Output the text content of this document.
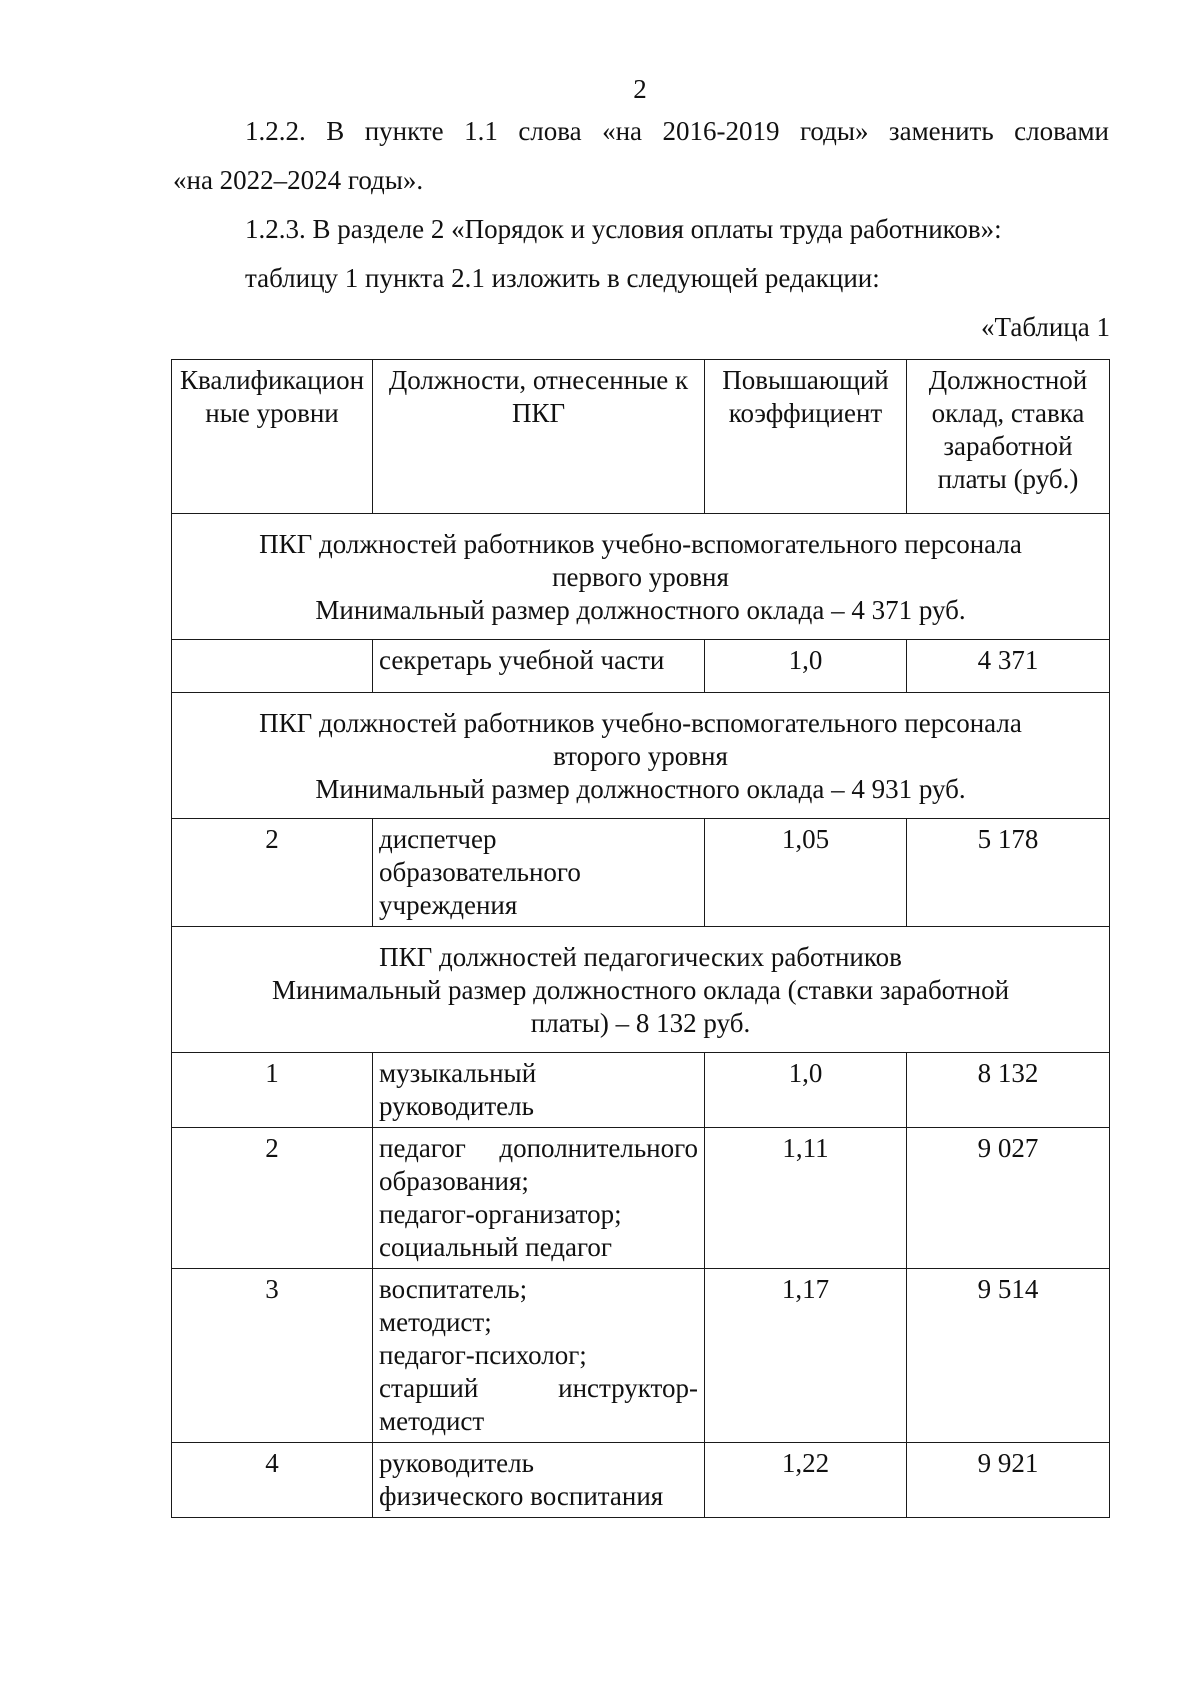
2
1.2.2. В пункте 1.1 слова «на 2016-2019 годы» заменить словами
«на 2022–2024 годы».
1.2.3. В разделе 2 «Порядок и условия оплаты труда работников»:
таблицу 1 пункта 2.1 изложить в следующей редакции:
«Таблица 1
Квалификацион ные уровни	Должности, отнесенные к ПКГ	Повышающий коэффициент	Должностной оклад, ставка заработной платы (руб.)

ПКГ должностей работников учебно-вспомогательного персонала
первого уровня
Минимальный размер должностного оклада – 4 371 руб.			

	секретарь учебной части	1,0	4 371

ПКГ должностей работников учебно-вспомогательного персонала
второго уровня
Минимальный размер должностного оклада – 4 931 руб.			

2	диспетчер
образовательного
учреждения	1,05	5 178

ПКГ должностей педагогических работников
Минимальный размер должностного оклада (ставки заработной
платы) – 8 132 руб.			

1	музыкальный
руководитель	1,0	8 132
2	педагог дополнительного
образования;
педагог-организатор;
социальный педагог	1,11	9 027
3	воспитатель;
методист;
педагог-психолог;
старший инструктор-
методист	1,17	9 514
4	руководитель
физического воспитания	1,22	9 921
